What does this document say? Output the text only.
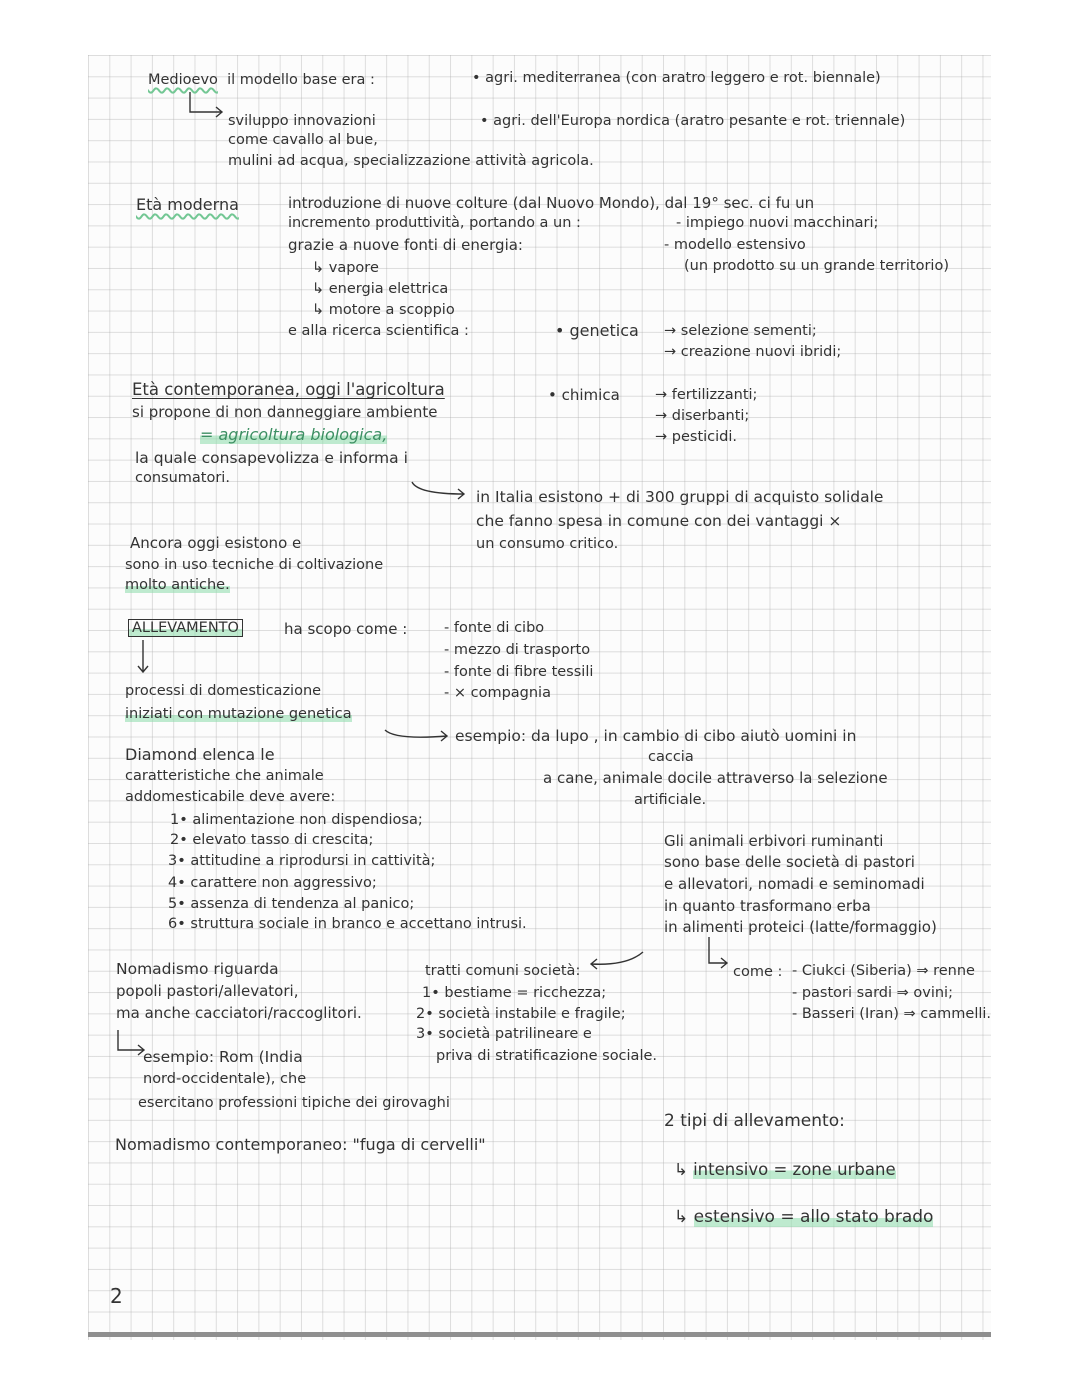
Medioevo il modello base era :	• agri. mediterranea (con aratro leggero e rot. biennale)
• agri. dell'Europa nordica (aratro pesante e rot. triennale)
sviluppo innovazioni
come cavallo al bue,
mulini ad acqua, specializzazione attività agricola.
Età moderna	introduzione di nuove colture (dal Nuovo Mondo), dal 19° sec. ci fu un
incremento produttività, portando a un :
grazie a nuove fonti di energia:
- impiego nuovi macchinari;
- modello estensivo
(un prodotto su un grande territorio)
↳ vapore
↳ energia elettrica
↳ motore a scoppio
e alla ricerca scientifica :	• genetica → selezione sementi;
→ creazione nuovi ibridi;
• chimica → fertilizzanti;
→ diserbanti;
→ pesticidi.
Età contemporanea, oggi l'agricoltura
si propone di non danneggiare ambiente
= agricoltura biologica,
la quale consapevolizza e informa i
consumatori.
in Italia esistono + di 300 gruppi di acquisto solidale
che fanno spesa in comune con dei vantaggi ×
un consumo critico.
Ancora oggi esistono e
sono in uso tecniche di coltivazione
molto antiche.
ALLEVAMENTO	ha scopo come :	- fonte di cibo
- mezzo di trasporto
- fonte di fibre tessili
- × compagnia
processi di domesticazione
iniziati con mutazione genetica
esempio: da lupo , in cambio di cibo aiutò uomini in
caccia
a cane, animale docile attraverso la selezione
artificiale.
Diamond elenca le
caratteristiche che animale
addomesticabile deve avere:
1• alimentazione non dispendiosa;
2• elevato tasso di crescita;
3• attitudine a riprodursi in cattività;
4• carattere non aggressivo;
5• assenza di tendenza al panico;
6• struttura sociale in branco e accettano intrusi.
Gli animali erbivori ruminanti
sono base delle società di pastori
e allevatori, nomadi e seminomadi
in quanto trasformano erba
in alimenti proteici (latte/formaggio)
come : - Ciukci (Siberia) ⇒ renne
- pastori sardi ⇒ ovini;
- Basseri (Iran) ⇒ cammelli.
Nomadismo riguarda
popoli pastori/allevatori,
ma anche cacciatori/raccoglitori.
tratti comuni società:
1• bestiame = ricchezza;
2• società instabile e fragile;
3• società patrilineare e
priva di stratificazione sociale.
esempio: Rom (India
nord-occidentale), che
esercitano professioni tipiche dei girovaghi
Nomadismo contemporaneo: "fuga di cervelli"
2 tipi di allevamento:
↳ intensivo = zone urbane
↳ estensivo = allo stato brado
2
